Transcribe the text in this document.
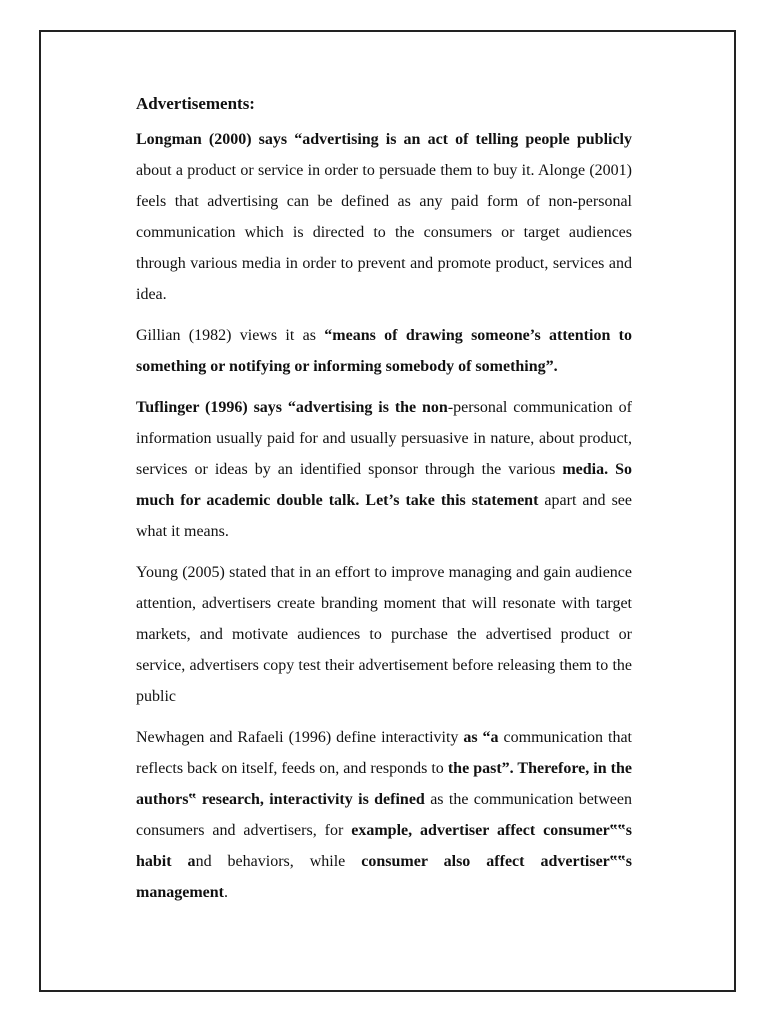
Advertisements:

Longman (2000) says “advertising is an act of telling people publicly about a product or service in order to persuade them to buy it. Alonge (2001) feels that advertising can be defined as any paid form of non-personal communication which is directed to the consumers or target audiences through various media in order to prevent and promote product, services and idea.

Gillian (1982) views it as “means of drawing someone’s attention to something or notifying or informing somebody of something”.

Tuflinger (1996) says “advertising is the non-personal communication of information usually paid for and usually persuasive in nature, about product, services or ideas by an identified sponsor through the various media. So much for academic double talk. Let’s take this statement apart and see what it means.

Young (2005) stated that in an effort to improve managing and gain audience attention, advertisers create branding moment that will resonate with target markets, and motivate audiences to purchase the advertised product or service, advertisers copy test their advertisement before releasing them to the public

Newhagen and Rafaeli (1996) define interactivity as “a communication that reflects back on itself, feeds on, and responds to the past”. Therefore, in the authors‟ research, interactivity is defined as the communication between consumers and advertisers, for example, advertiser affect consumer‟‟s habit and behaviors, while consumer also affect advertiser‟‟s management.
